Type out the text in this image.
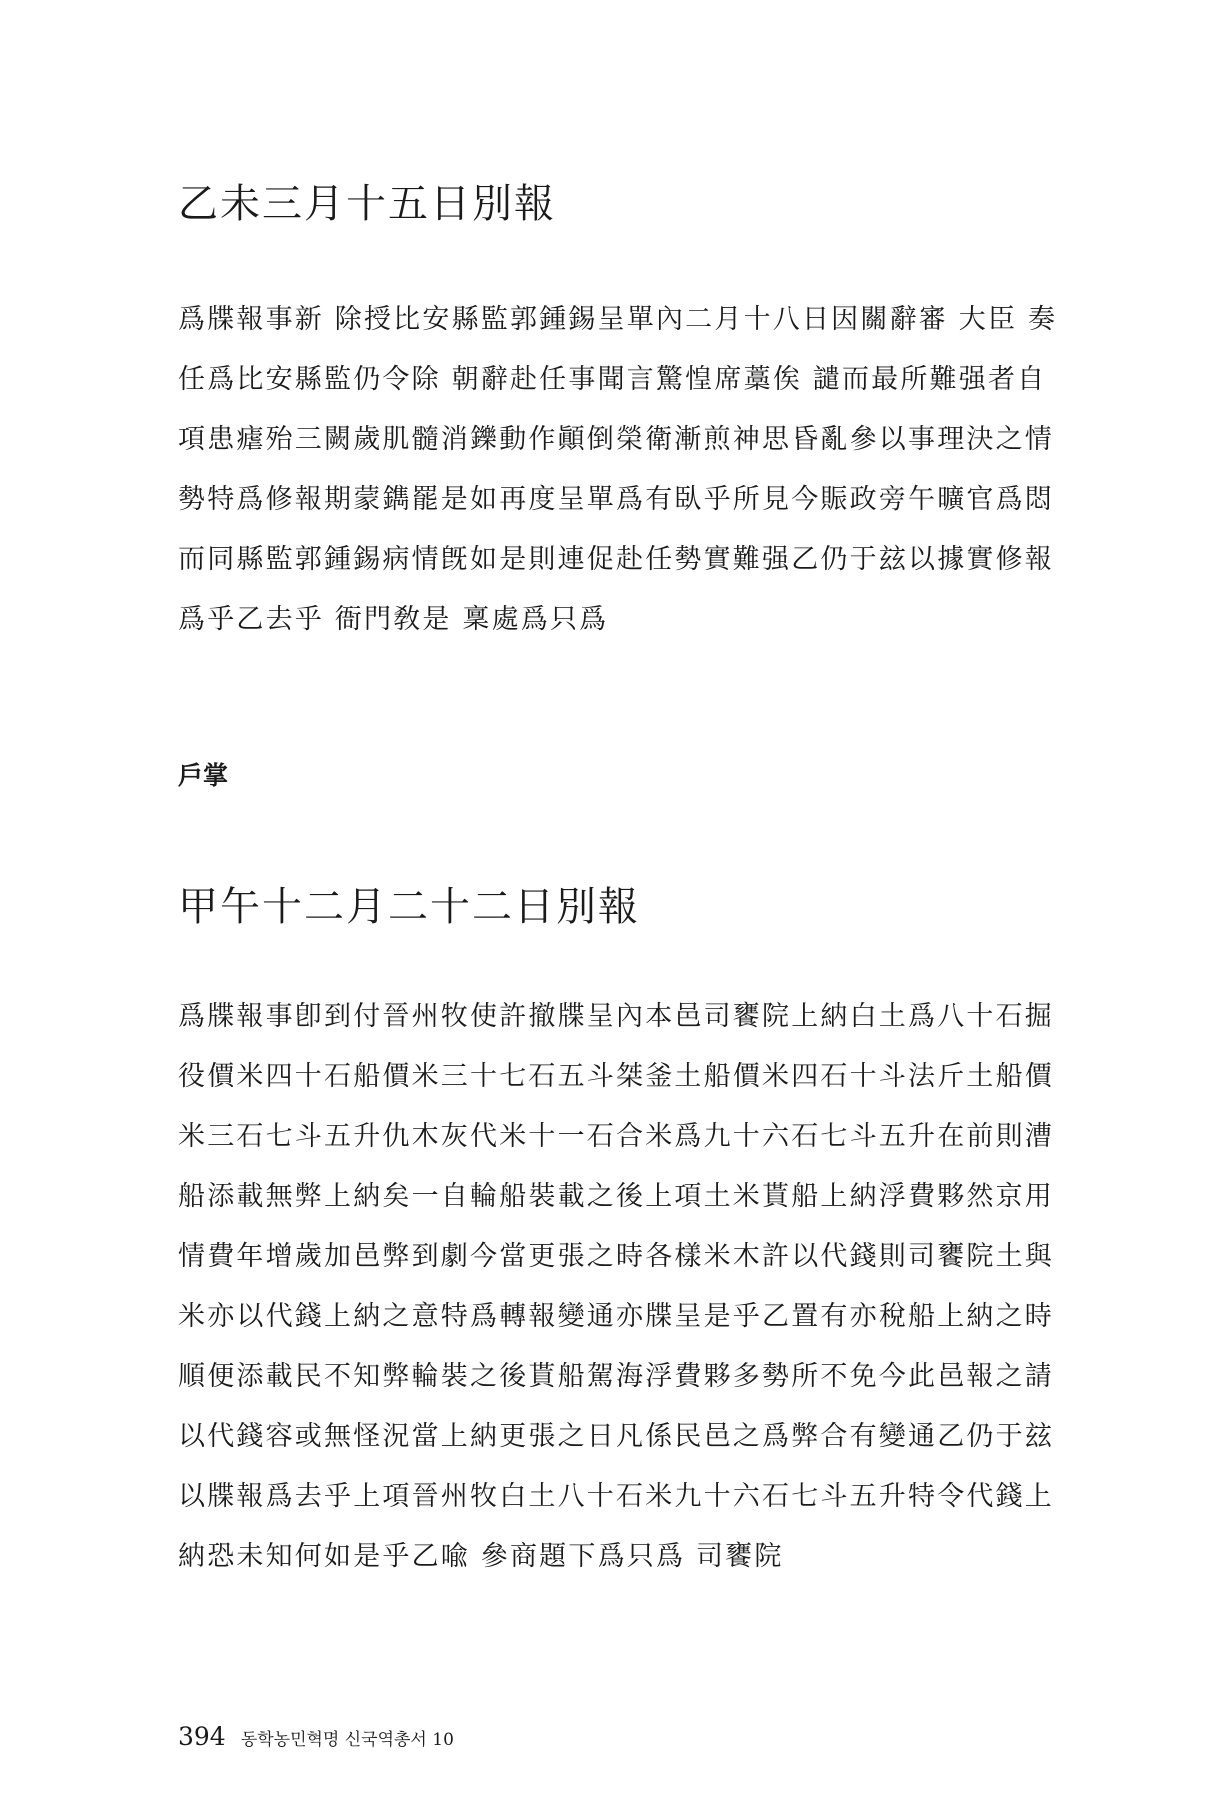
乙未三月十五日別報
爲牒報事新 除授比安縣監郭鍾錫呈單內二月十八日因關辭審 大臣 奏
任爲比安縣監仍令除 朝辭赴任事聞言驚惶席藁俟 譴而最所難强者自
項患瘧殆三闕歲肌髓消鑠動作顚倒榮衛漸煎神思昏亂參以事理決之情
勢特爲修報期蒙鐫罷是如再度呈單爲有臥乎所見今賑政旁午曠官爲悶
而同縣監郭鍾錫病情旣如是則連促赴任勢實難强乙仍于玆以據實修報
爲乎乙去乎 衙門敎是 稟處爲只爲
戶掌
甲午十二月二十二日別報
爲牒報事卽到付晉州牧使許撤牒呈內本邑司饔院上納白土爲八十石掘
役價米四十石船價米三十七石五斗桀釜土船價米四石十斗法斤土船價
米三石七斗五升仇木灰代米十一石合米爲九十六石七斗五升在前則漕
船添載無弊上納矣一自輪船裝載之後上項土米貰船上納浮費夥然京用
情費年增歲加邑弊到劇今當更張之時各樣米木許以代錢則司饔院土與
米亦以代錢上納之意特爲轉報變通亦牒呈是乎乙置有亦稅船上納之時
順便添載民不知弊輪裝之後貰船駕海浮費夥多勢所不免今此邑報之請
以代錢容或無怪況當上納更張之日凡係民邑之爲弊合有變通乙仍于玆
以牒報爲去乎上項晉州牧白土八十石米九十六石七斗五升特令代錢上
納恐未知何如是乎乙喩 參商題下爲只爲 司饔院
394 동학농민혁명 신국역총서 10
